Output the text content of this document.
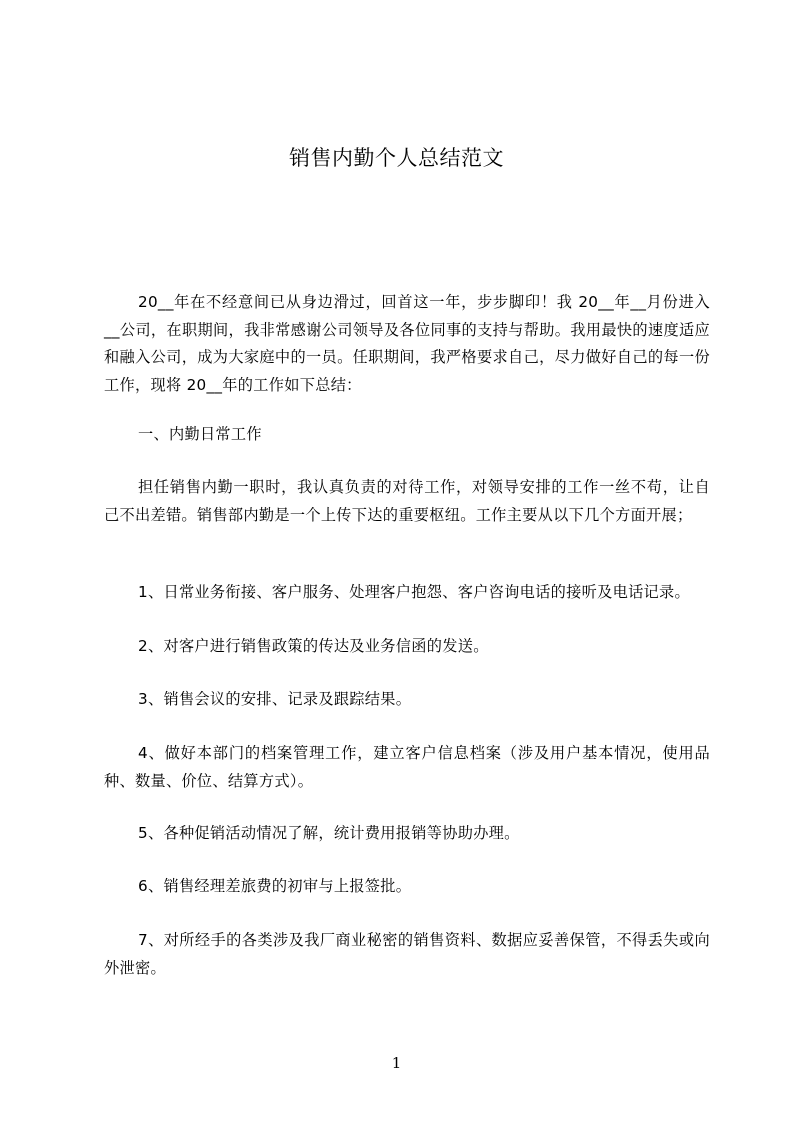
销售内勤个人总结范文
20__年在不经意间已从身边滑过，回首这一年，步步脚印！我 20__年__月份进入__公司，在职期间，我非常感谢公司领导及各位同事的支持与帮助。我用最快的速度适应和融入公司，成为大家庭中的一员。任职期间，我严格要求自己，尽力做好自己的每一份工作，现将 20__年的工作如下总结：
一、内勤日常工作
担任销售内勤一职时，我认真负责的对待工作，对领导安排的工作一丝不苟，让自己不出差错。销售部内勤是一个上传下达的重要枢纽。工作主要从以下几个方面开展；
1、日常业务衔接、客户服务、处理客户抱怨、客户咨询电话的接听及电话记录。
2、对客户进行销售政策的传达及业务信函的发送。
3、销售会议的安排、记录及跟踪结果。
4、做好本部门的档案管理工作，建立客户信息档案（涉及用户基本情况，使用品种、数量、价位、结算方式）。
5、各种促销活动情况了解，统计费用报销等协助办理。
6、销售经理差旅费的初审与上报签批。
7、对所经手的各类涉及我厂商业秘密的销售资料、数据应妥善保管，不得丢失或向外泄密。
1
